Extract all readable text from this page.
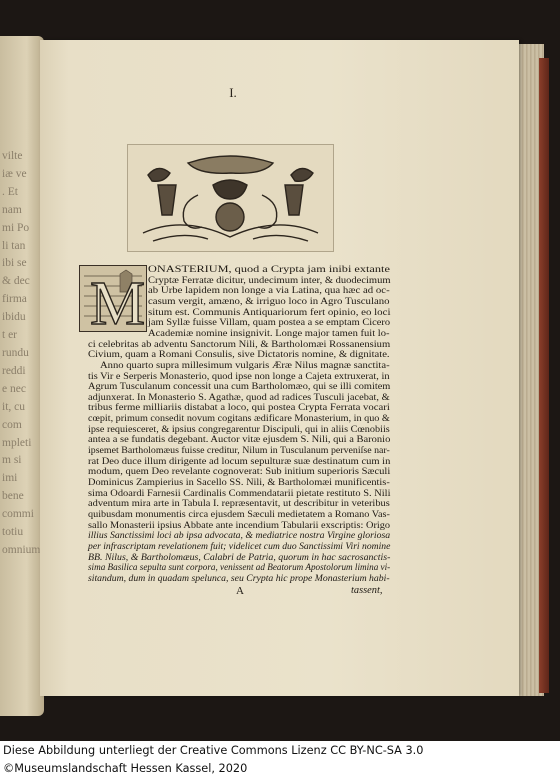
vilte
iæ ve
. Et
nam
mi Po
li tan
ibi se
& dec
firma
ibidu
t er
rundu
reddi
e nec
it, cu
com
mpleti
m si
imi
bene
commi
totiu
omnium
I.
M
ONASTERIUM, quod a Crypta jam inibi extante
Cryptæ Ferratæ dicitur, undecimum inter, & duodecimum
ab Urbe lapidem non longe a via Latina, qua hæc ad oc-
casum vergit, amæno, & irriguo loco in Agro Tusculano
situm est. Communis Antiquariorum fert opinio, eo loci
jam Syllæ fuisse Villam, quam postea a se emptam Cicero
Academiæ nomine insignivit. Longe major tamen fuit lo-
ci celebritas ab adventu Sanctorum Nili, & Bartholomæi Rossanensium
Civium, quam a Romani Consulis, sive Dictatoris nomine, & dignitate.
Anno quarto supra millesimum vulgaris Æræ Nilus magnæ sanctita-
tis Vir e Serperis Monasterio, quod ipse non longe a Cajeta extruxerat, in
Agrum Tusculanum concessit una cum Bartholomæo, qui se illi comitem
adjunxerat. In Monasterio S. Agathæ, quod ad radices Tusculi jacebat, &
tribus ferme milliariis distabat a loco, qui postea Crypta Ferrata vocari
cœpit, primum consedit novum cogitans ædificare Monasterium, in quo &
ipse requiesceret, & ipsius congregarentur Discipuli, qui in aliis Cœnobiis
antea a se fundatis degebant. Auctor vitæ ejusdem S. Nili, qui a Baronio
ipsemet Bartholomæus fuisse creditur, Nilum in Tusculanum perveniſse nar-
rat Deo duce illum dirigente ad locum sepulturæ suæ destinatum cum in
modum, quem Deo revelante cognoverat: Sub initium superioris Sæculi
Dominicus Zampierius in Sacello SS. Nili, & Bartholomæi munificentis-
sima Odoardi Farnesii Cardinalis Commendatarii pietate restituto S. Nili
adventum mira arte in Tabula I. repræsentavit, ut describitur in veteribus
quibusdam monumentis circa ejusdem Sæculi medietatem a Romano Vas-
sallo Monasterii ipsius Abbate ante incendium Tabularii exscriptis: Origo
illius Sanctissimi loci ab ipsa advocata, & mediatrice nostra Virgine gloriosa
per infrascriptam revelationem fuit; videlicet cum duo Sanctissimi Viri nomine
BB. Nilus, & Bartholomæus, Calabri de Patria, quorum in hac sacrosanctis-
sima Basilica sepulta sunt corpora, venissent ad Beatorum Apostolorum limina vi-
sitandum, dum in quadam spelunca, seu Crypta hic prope Monasterium habi-
A	tassent,
Diese Abbildung unterliegt der Creative Commons Lizenz CC BY-NC-SA 3.0
©Museumslandschaft Hessen Kassel, 2020
